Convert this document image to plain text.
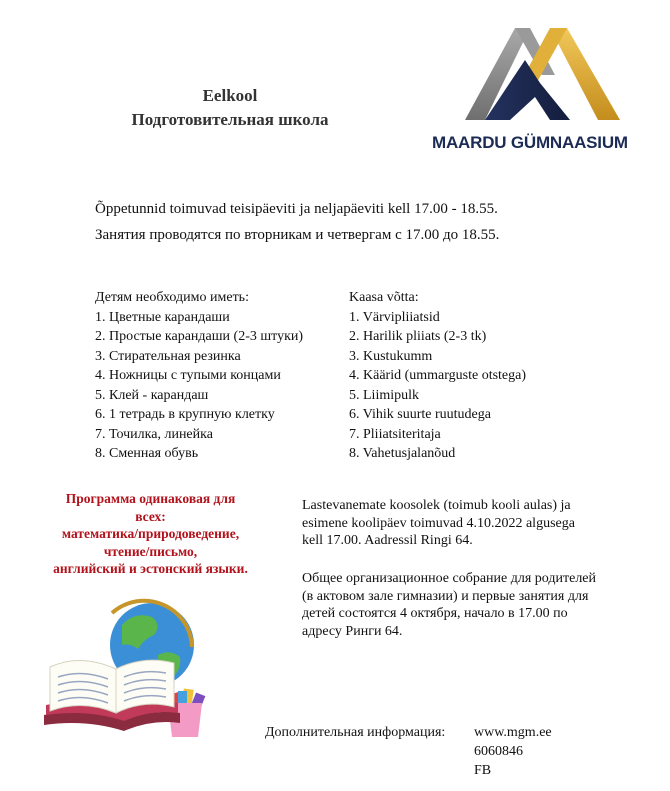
Eelkool
Подготовительная школа
MAARDU GÜMNAASIUM
Õppetunnid toimuvad teisipäeviti ja neljapäeviti kell 17.00 - 18.55.
Занятия проводятся по вторникам и четвергам с 17.00 до 18.55.
Детям необходимо иметь:
1. Цветные карандаши
2. Простые карандаши (2-3 штуки)
3. Стирательная резинка
4. Ножницы с тупыми концами
5. Клей - карандаш
6. 1 тетрадь в крупную клетку
7. Точилка, линейка
8. Сменная обувь
Kaasa võtta:
1. Värvipliiatsid
2. Harilik pliiats (2-3 tk)
3. Kustukumm
4. Käärid (ummarguste otstega)
5. Liimipulk
6. Vihik suurte ruutudega
7. Pliiatsiteritaja
8. Vahetusjalanõud
Программа одинаковая для
всех:
математика/природоведение,
чтение/письмо,
английский и эстонский языки.
Lastevanemate koosolek (toimub kooli aulas) ja
esimene koolipäev toimuvad 4.10.2022 algusega
kell 17.00. Aadressil Ringi 64.
Общее организационное собрание для родителей
(в актовом зале гимназии) и первые занятия для
детей состоятся 4 октября, начало в 17.00 по
адресу Ринги 64.
Дополнительная информация: www.mgm.ee
6060846
FB
